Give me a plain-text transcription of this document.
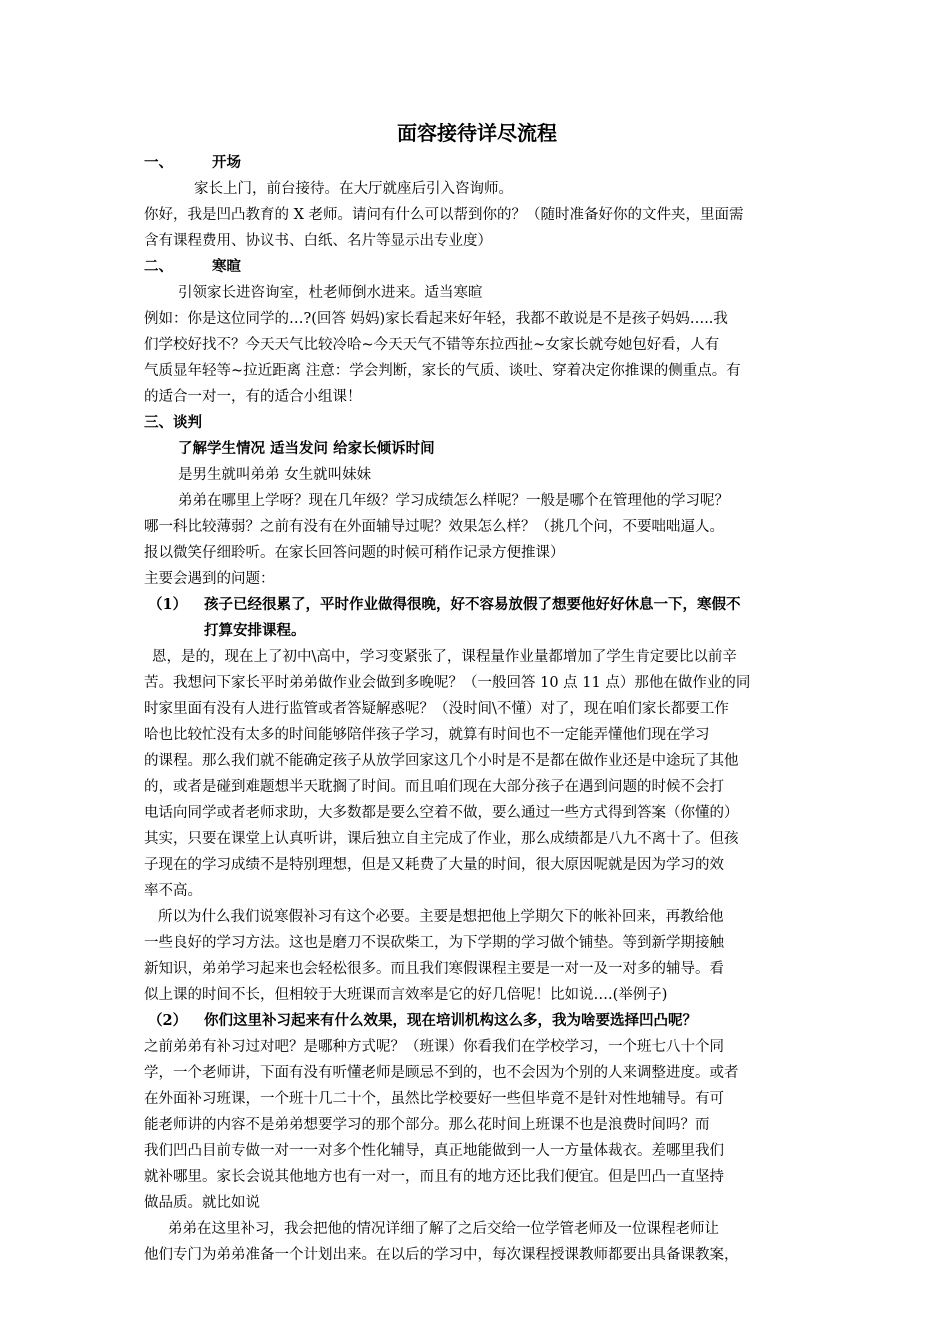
面容接待详尽流程
一、	开场
家长上门，前台接待。在大厅就座后引入咨询师。
你好，我是凹凸教育的 X 老师。请问有什么可以帮到你的？（随时准备好你的文件夹，里面需
含有课程费用、协议书、白纸、名片等显示出专业度）
二、	寒暄
引领家长进咨询室，杜老师倒水进来。适当寒暄
例如：你是这位同学的…?(回答 妈妈)家长看起来好年轻，我都不敢说是不是孩子妈妈…..我
们学校好找不？今天天气比较冷哈~今天天气不错等东拉西扯~女家长就夸她包好看，人有
气质显年轻等~拉近距离 注意：学会判断，家长的气质、谈吐、穿着决定你推课的侧重点。有
的适合一对一，有的适合小组课！
三、谈判
了解学生情况 适当发问 给家长倾诉时间
是男生就叫弟弟 女生就叫妹妹
弟弟在哪里上学呀？现在几年级？学习成绩怎么样呢？一般是哪个在管理他的学习呢？
哪一科比较薄弱？之前有没有在外面辅导过呢？效果怎么样？（挑几个问，不要咄咄逼人。
报以微笑仔细聆听。在家长回答问题的时候可稍作记录方便推课）
主要会遇到的问题：
（1）	孩子已经很累了，平时作业做得很晚，好不容易放假了想要他好好休息一下，寒假不
打算安排课程。
恩，是的，现在上了初中\高中，学习变紧张了，课程量作业量都增加了学生肯定要比以前辛
苦。我想问下家长平时弟弟做作业会做到多晚呢？（一般回答 10 点 11 点）那他在做作业的同
时家里面有没有人进行监管或者答疑解惑呢？（没时间\不懂）对了，现在咱们家长都要工作
哈也比较忙没有太多的时间能够陪伴孩子学习，就算有时间也不一定能弄懂他们现在学习
的课程。那么我们就不能确定孩子从放学回家这几个小时是不是都在做作业还是中途玩了其他
的，或者是碰到难题想半天耽搁了时间。而且咱们现在大部分孩子在遇到问题的时候不会打
电话向同学或者老师求助，大多数都是要么空着不做，要么通过一些方式得到答案（你懂的）
其实，只要在课堂上认真听讲，课后独立自主完成了作业，那么成绩都是八九不离十了。但孩
子现在的学习成绩不是特别理想，但是又耗费了大量的时间，很大原因呢就是因为学习的效
率不高。
所以为什么我们说寒假补习有这个必要。主要是想把他上学期欠下的帐补回来，再教给他
一些良好的学习方法。这也是磨刀不误砍柴工，为下学期的学习做个铺垫。等到新学期接触
新知识，弟弟学习起来也会轻松很多。而且我们寒假课程主要是一对一及一对多的辅导。看
似上课的时间不长，但相较于大班课而言效率是它的好几倍呢！比如说….(举例子)
（2）	你们这里补习起来有什么效果，现在培训机构这么多，我为啥要选择凹凸呢？
之前弟弟有补习过对吧？是哪种方式呢？（班课）你看我们在学校学习，一个班七八十个同
学，一个老师讲，下面有没有听懂老师是顾忌不到的，也不会因为个别的人来调整进度。或者
在外面补习班课，一个班十几二十个，虽然比学校要好一些但毕竟不是针对性地辅导。有可
能老师讲的内容不是弟弟想要学习的那个部分。那么花时间上班课不也是浪费时间吗？而
我们凹凸目前专做一对一一对多个性化辅导，真正地能做到一人一方量体裁衣。差哪里我们
就补哪里。家长会说其他地方也有一对一，而且有的地方还比我们便宜。但是凹凸一直坚持
做品质。就比如说
弟弟在这里补习，我会把他的情况详细了解了之后交给一位学管老师及一位课程老师让
他们专门为弟弟准备一个计划出来。在以后的学习中，每次课程授课教师都要出具备课教案，
